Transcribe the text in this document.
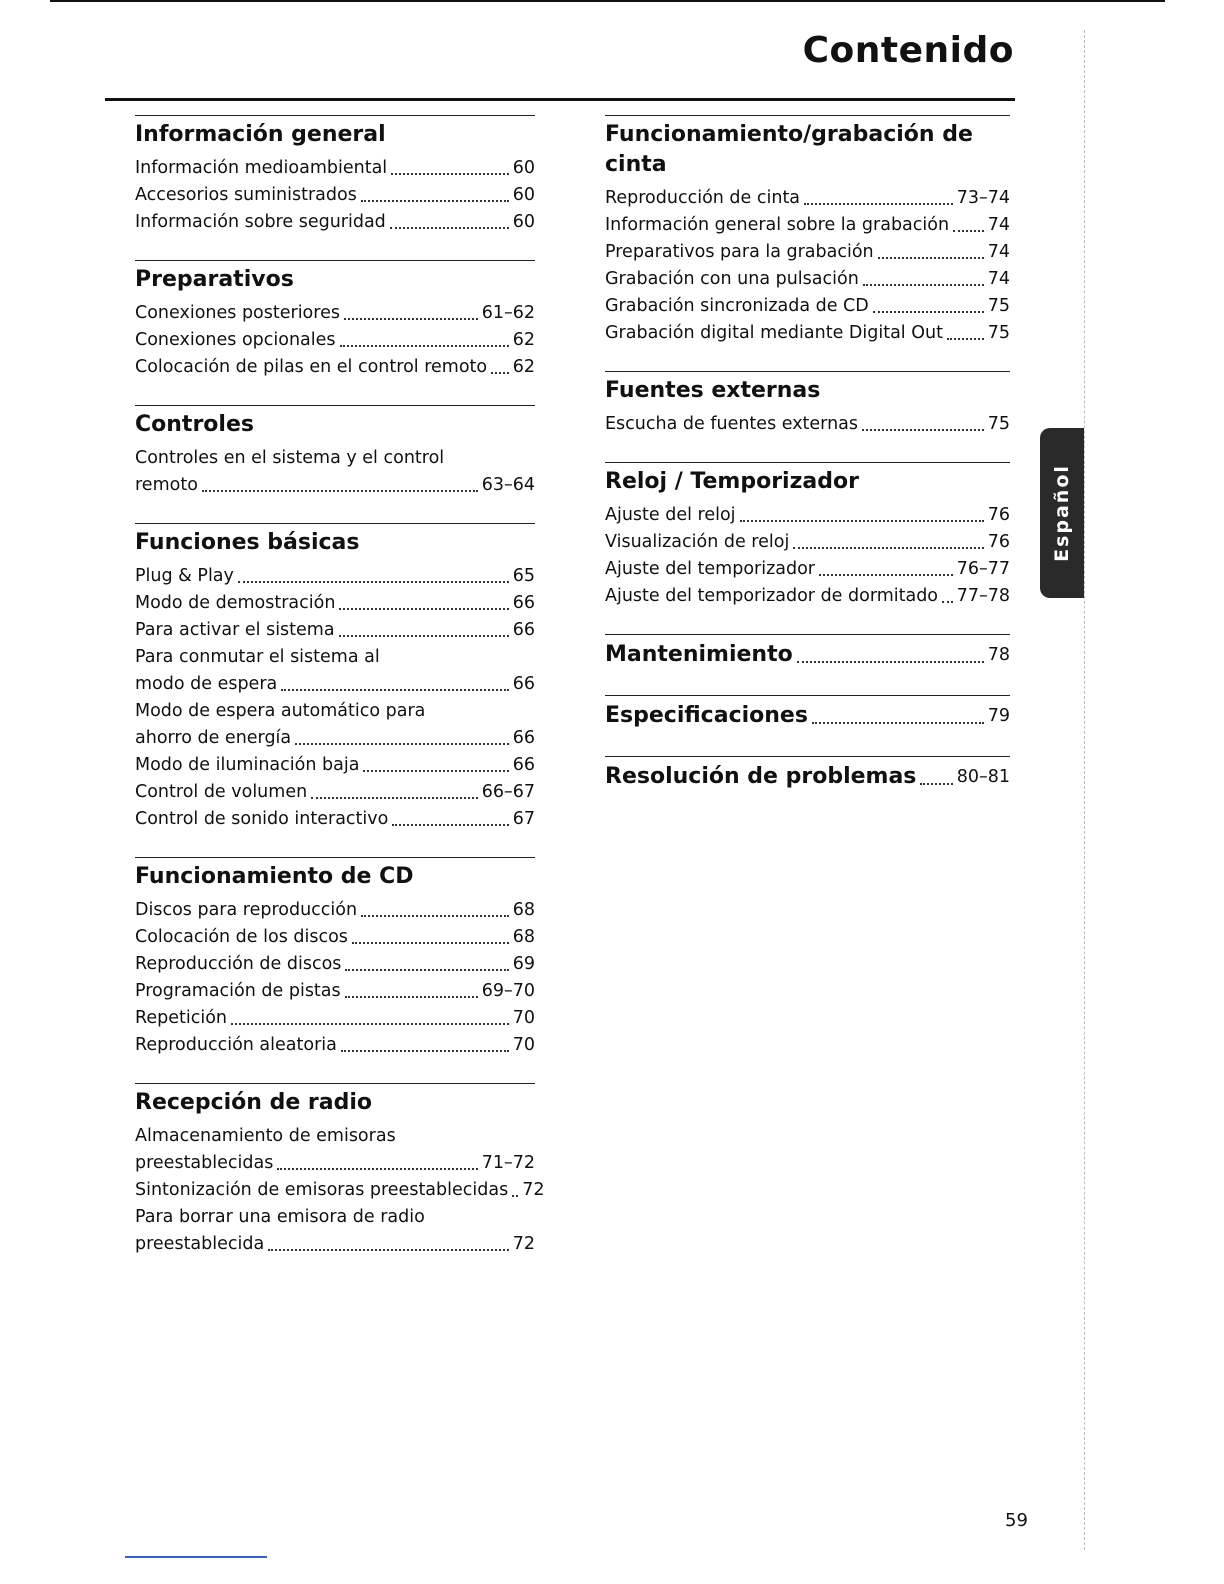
Contenido
Información general
Información medioambiental	60
Accesorios suministrados	60
Información sobre seguridad	60
Preparativos
Conexiones posteriores	61–62
Conexiones opcionales	62
Colocación de pilas en el control remoto 62
Controles
Controles en el sistema y el control
remoto	63–64
Funciones básicas
Plug & Play	65
Modo de demostración	66
Para activar el sistema	66
Para conmutar el sistema al
modo de espera	66
Modo de espera automático para
ahorro de energía	66
Modo de iluminación baja	66
Control de volumen	66–67
Control de sonido interactivo	67
Funcionamiento de CD
Discos para reproducción	68
Colocación de los discos	68
Reproducción de discos	69
Programación de pistas	69–70
Repetición	70
Reproducción aleatoria	70
Recepción de radio
Almacenamiento de emisoras
preestablecidas	71–72
Sintonización de emisoras preestablecidas 72
Para borrar una emisora de radio
preestablecida	72
Funcionamiento/grabación de cinta
Reproducción de cinta	73–74
Información general sobre la grabación 74
Preparativos para la grabación	74
Grabación con una pulsación	74
Grabación sincronizada de CD	75
Grabación digital mediante Digital Out	75
Fuentes externas
Escucha de fuentes externas	75
Reloj / Temporizador
Ajuste del reloj	76
Visualización de reloj	76
Ajuste del temporizador	76–77
Ajuste del temporizador de dormitado 77–78
Mantenimiento	78
Especificaciones	79
Resolución de problemas 80–81
Español
59
